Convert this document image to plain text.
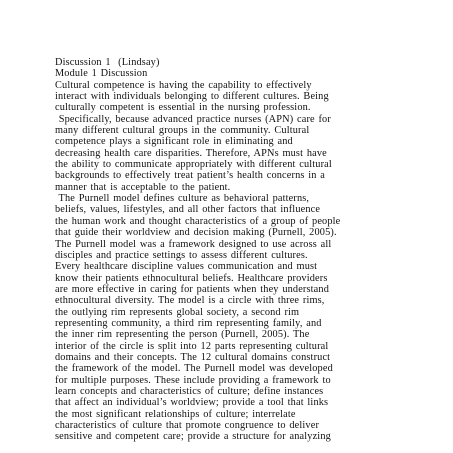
Discussion 1  (Lindsay)
Module 1 Discussion
Cultural competence is having the capability to effectively
interact with individuals belonging to different cultures. Being
culturally competent is essential in the nursing profession.
Specifically, because advanced practice nurses (APN) care for
many different cultural groups in the community. Cultural
competence plays a significant role in eliminating and
decreasing health care disparities. Therefore, APNs must have
the ability to communicate appropriately with different cultural
backgrounds to effectively treat patient’s health concerns in a
manner that is acceptable to the patient.
The Purnell model defines culture as behavioral patterns,
beliefs, values, lifestyles, and all other factors that influence
the human work and thought characteristics of a group of people
that guide their worldview and decision making (Purnell, 2005).
The Purnell model was a framework designed to use across all
disciples and practice settings to assess different cultures.
Every healthcare discipline values communication and must
know their patients ethnocultural beliefs. Healthcare providers
are more effective in caring for patients when they understand
ethnocultural diversity. The model is a circle with three rims,
the outlying rim represents global society, a second rim
representing community, a third rim representing family, and
the inner rim representing the person (Purnell, 2005). The
interior of the circle is split into 12 parts representing cultural
domains and their concepts. The 12 cultural domains construct
the framework of the model. The Purnell model was developed
for multiple purposes. These include providing a framework to
learn concepts and characteristics of culture; define instances
that affect an individual’s worldview; provide a tool that links
the most significant relationships of culture; interrelate
characteristics of culture that promote congruence to deliver
sensitive and competent care; provide a structure for analyzing
